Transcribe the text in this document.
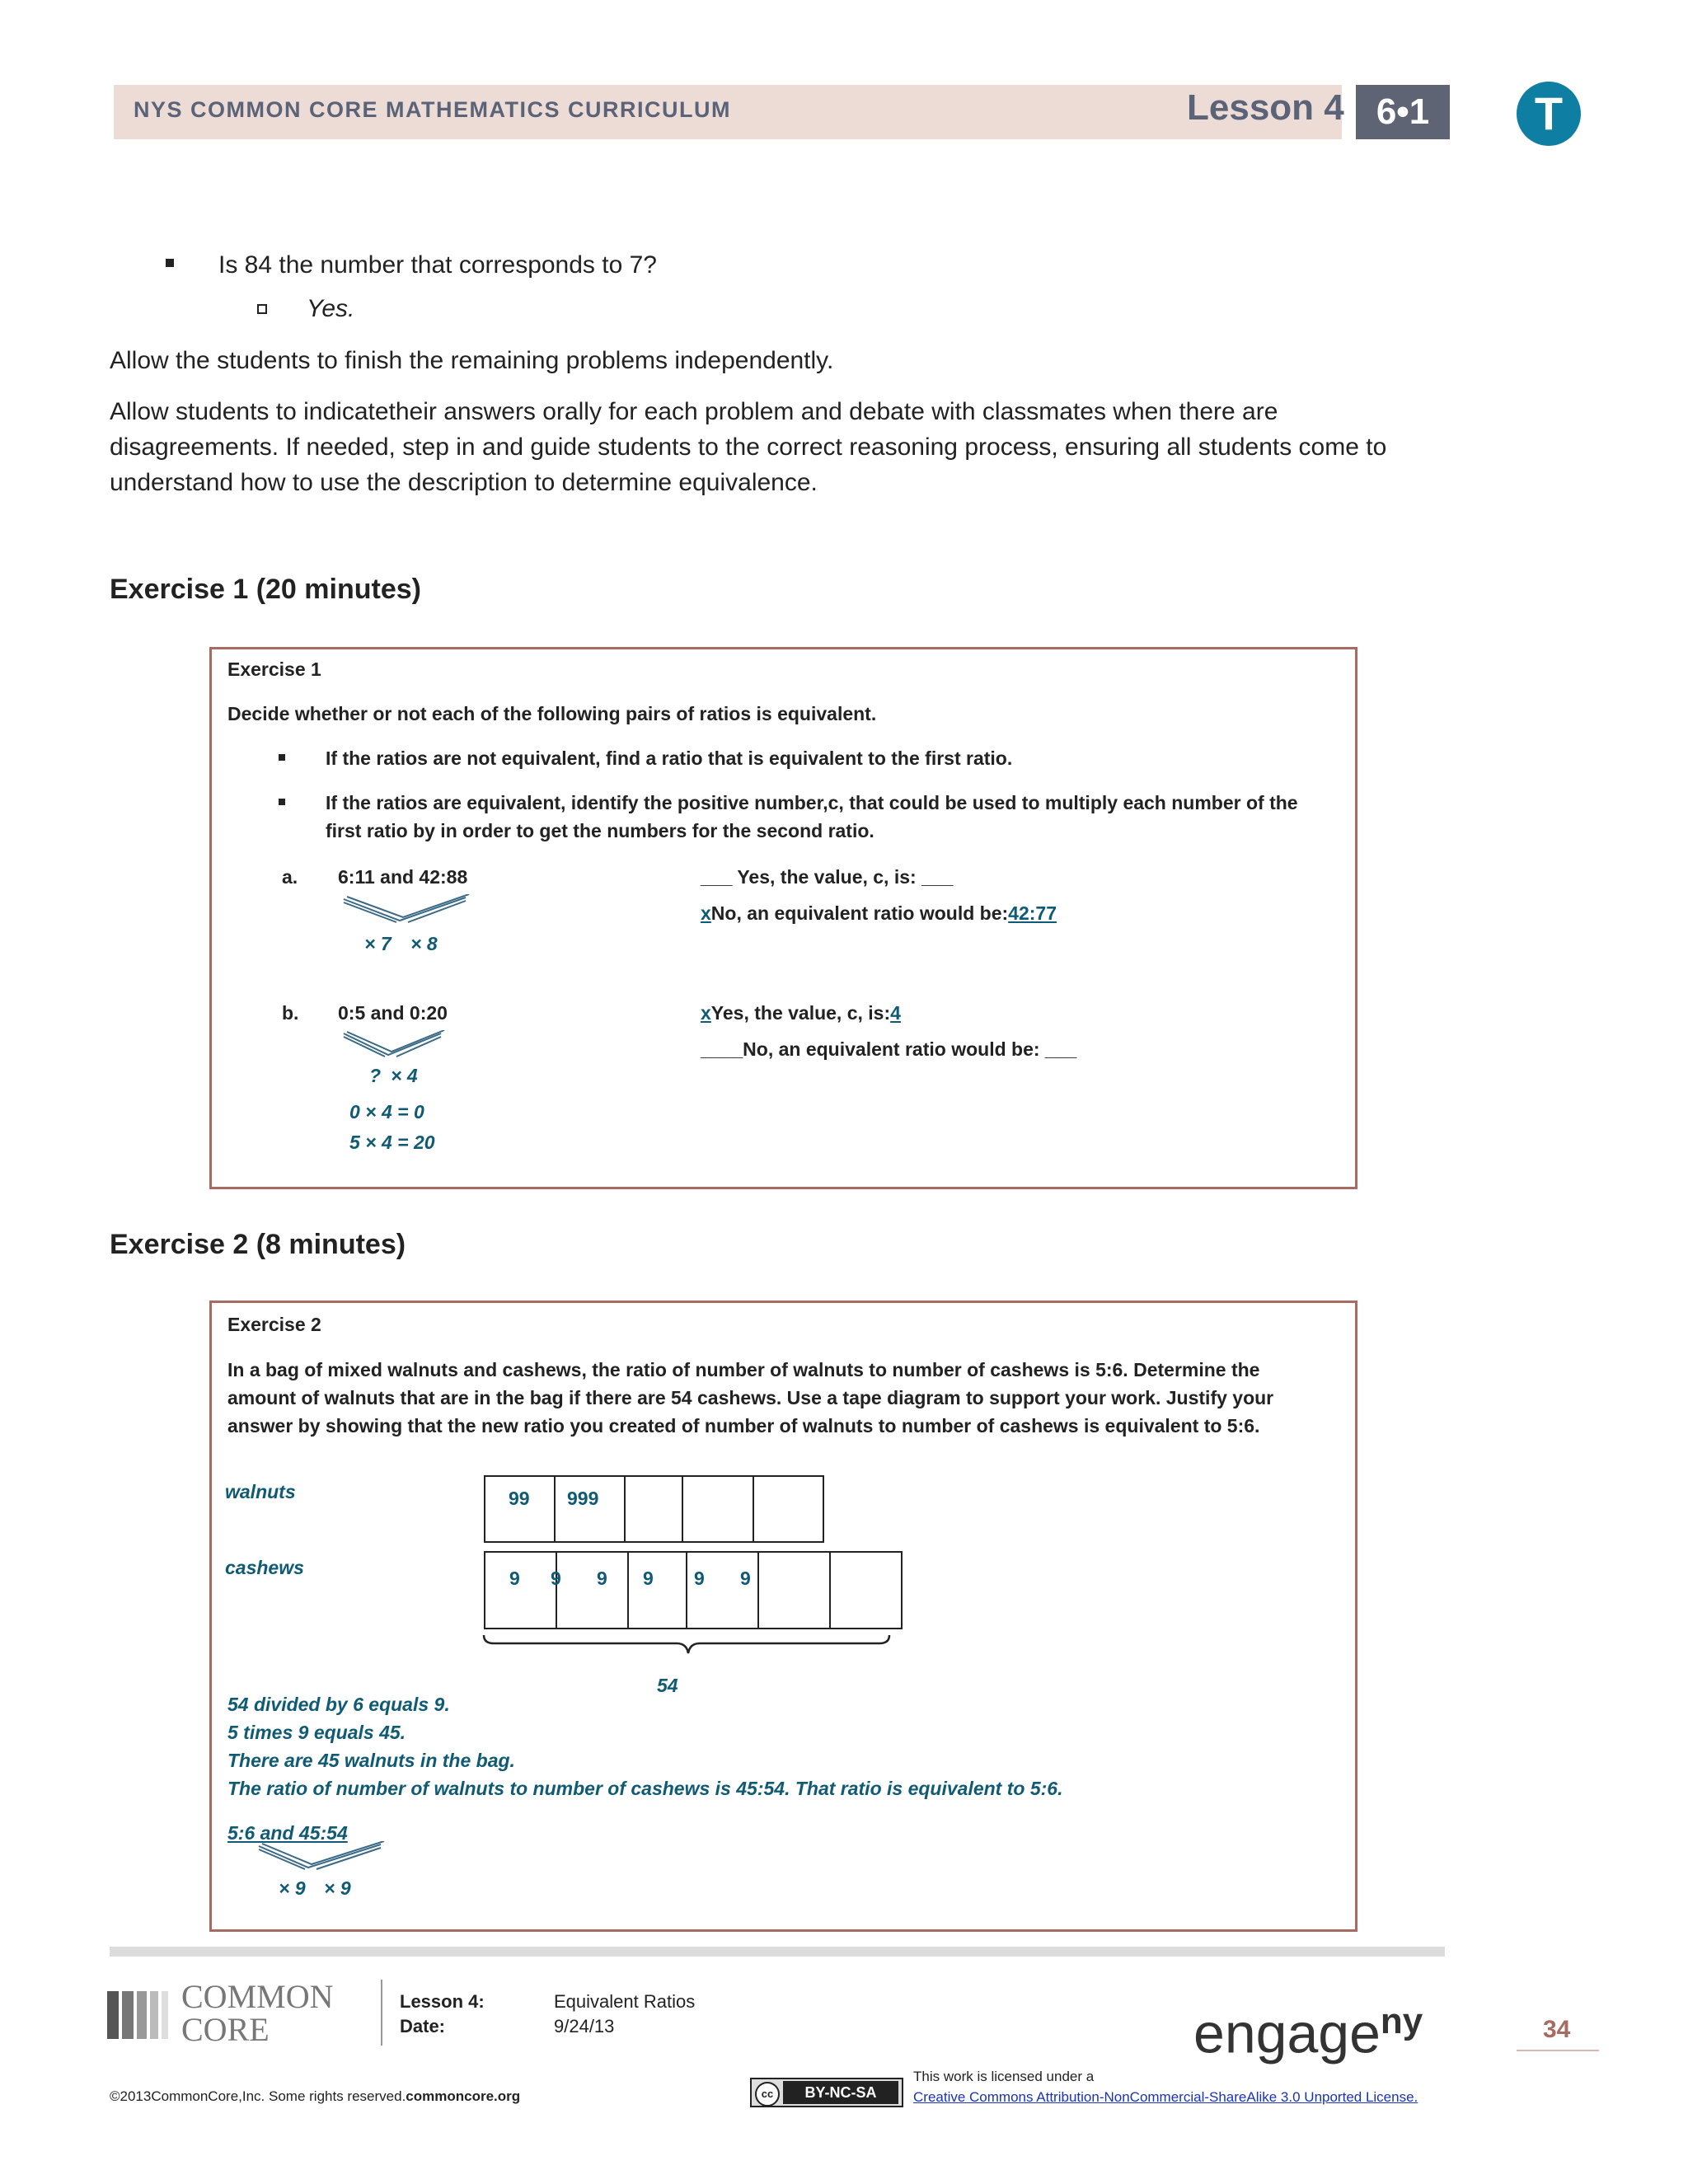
NYS COMMON CORE MATHEMATICS CURRICULUM	Lesson 4 6•1	T
Is 84 the number that corresponds to 7?
Yes.
Allow the students to finish the remaining problems independently.
Allow students to indicatetheir answers orally for each problem and debate with classmates when there are
disagreements. If needed, step in and guide students to the correct reasoning process, ensuring all students come to
understand how to use the description to determine equivalence.
Exercise 1 (20 minutes)
Exercise 1
Decide whether or not each of the following pairs of ratios is equivalent.
If the ratios are not equivalent, find a ratio that is equivalent to the first ratio.
If the ratios are equivalent, identify the positive number,c, that could be used to multiply each number of the
first ratio by in order to get the numbers for the second ratio.
a. 6:11 and 42:88
× 7 × 8
___ Yes, the value, c, is: ___
xNo, an equivalent ratio would be:42:77
b. 0:5 and 0:20
? × 4
0 × 4 = 0
5 × 4 = 20
xYes, the value, c, is:4
____No, an equivalent ratio would be: ___
Exercise 2 (8 minutes)
Exercise 2
In a bag of mixed walnuts and cashews, the ratio of number of walnuts to number of cashews is 5:6. Determine the
amount of walnuts that are in the bag if there are 54 cashews. Use a tape diagram to support your work. Justify your
answer by showing that the new ratio you created of number of walnuts to number of cashews is equivalent to 5:6.
walnuts
cashews
99 999
9 9 9 9 9 9
54
54 divided by 6 equals 9.
5 times 9 equals 45.
There are 45 walnuts in the bag.
The ratio of number of walnuts to number of cashews is 45:54. That ratio is equivalent to 5:6.
5:6 and 45:54
× 9 × 9
COMMON
CORE
Lesson 4:	Equivalent Ratios
Date:	9/24/13	engage$^{ny}$	34
©2013CommonCore,Inc. Some rights reserved.commoncore.org	cc	BY-NC-SA
This work is licensed under a
Creative Commons Attribution-NonCommercial-ShareAlike 3.0 Unported License.
